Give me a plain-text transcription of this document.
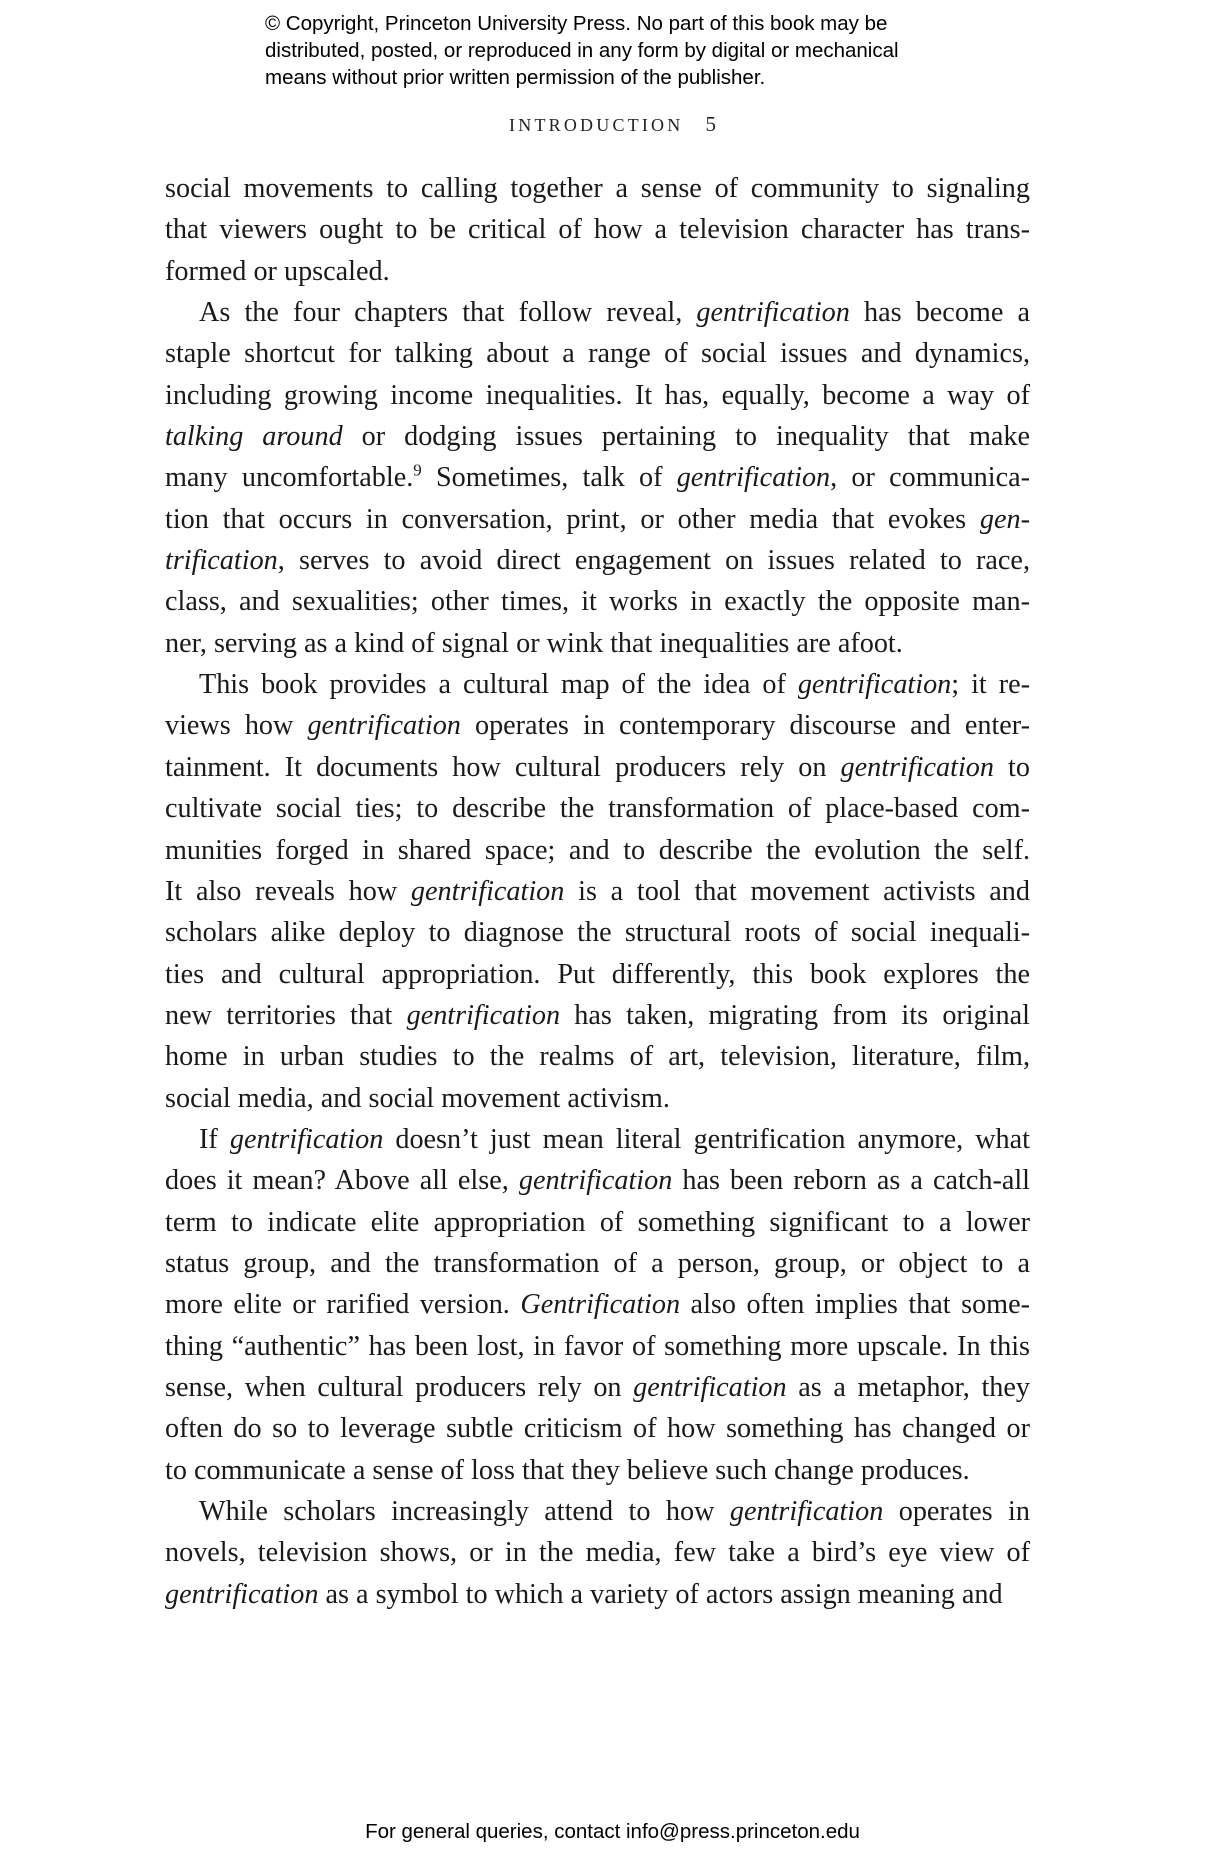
© Copyright, Princeton University Press. No part of this book may be
distributed, posted, or reproduced in any form by digital or mechanical
means without prior written permission of the publisher.
INTRODUCTION 5
social movements to calling together a sense of community to signaling
that viewers ought to be critical of how a television character has trans-
formed or upscaled.
As the four chapters that follow reveal, gentrification has become a
staple shortcut for talking about a range of social issues and dynamics,
including growing income inequalities. It has, equally, become a way of
talking around or dodging issues pertaining to inequality that make
many uncomfortable.$^9$ Sometimes, talk of gentrification, or communica-
tion that occurs in conversation, print, or other media that evokes gen-
trification, serves to avoid direct engagement on issues related to race,
class, and sexualities; other times, it works in exactly the opposite man-
ner, serving as a kind of signal or wink that inequalities are afoot.
This book provides a cultural map of the idea of gentrification; it re-
views how gentrification operates in contemporary discourse and enter-
tainment. It documents how cultural producers rely on gentrification to
cultivate social ties; to describe the transformation of place-based com-
munities forged in shared space; and to describe the evolution the self.
It also reveals how gentrification is a tool that movement activists and
scholars alike deploy to diagnose the structural roots of social inequali-
ties and cultural appropriation. Put differently, this book explores the
new territories that gentrification has taken, migrating from its original
home in urban studies to the realms of art, television, literature, film,
social media, and social movement activism.
If gentrification doesn’t just mean literal gentrification anymore, what
does it mean? Above all else, gentrification has been reborn as a catch-all
term to indicate elite appropriation of something significant to a lower
status group, and the transformation of a person, group, or object to a
more elite or rarified version. Gentrification also often implies that some-
thing “authentic” has been lost, in favor of something more upscale. In this
sense, when cultural producers rely on gentrification as a metaphor, they
often do so to leverage subtle criticism of how something has changed or
to communicate a sense of loss that they believe such change produces.
While scholars increasingly attend to how gentrification operates in
novels, television shows, or in the media, few take a bird’s eye view of
gentrification as a symbol to which a variety of actors assign meaning and
For general queries, contact info@press.princeton.edu
